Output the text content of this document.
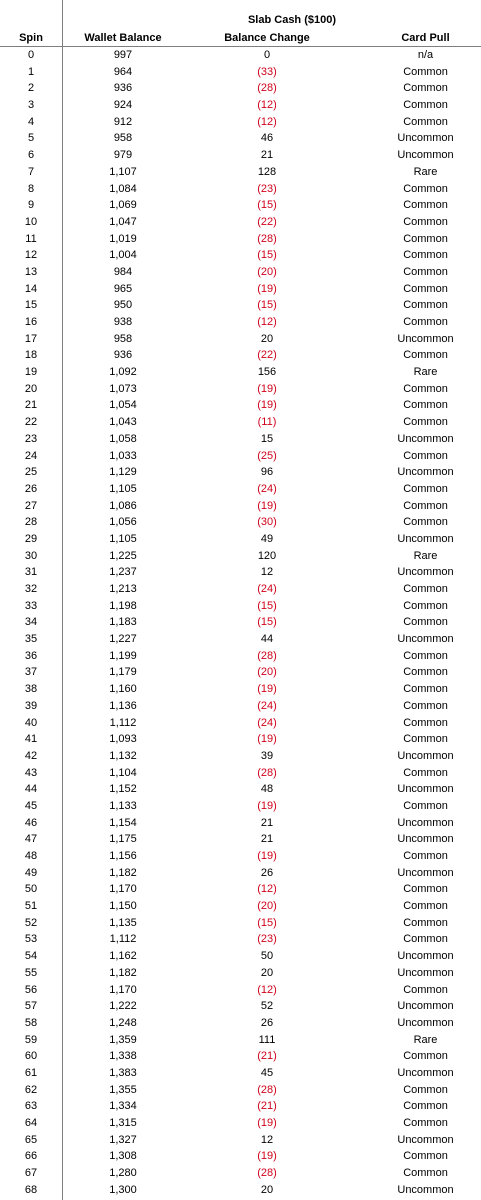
Slab Cash ($100)
Spin	Wallet Balance	Balance Change	Card Pull
0	997	0	n/a
1	964	(33)	Common
2	936	(28)	Common
3	924	(12)	Common
4	912	(12)	Common
5	958	46	Uncommon
6	979	21	Uncommon
7	1,107	128	Rare
8	1,084	(23)	Common
9	1,069	(15)	Common
10	1,047	(22)	Common
11	1,019	(28)	Common
12	1,004	(15)	Common
13	984	(20)	Common
14	965	(19)	Common
15	950	(15)	Common
16	938	(12)	Common
17	958	20	Uncommon
18	936	(22)	Common
19	1,092	156	Rare
20	1,073	(19)	Common
21	1,054	(19)	Common
22	1,043	(11)	Common
23	1,058	15	Uncommon
24	1,033	(25)	Common
25	1,129	96	Uncommon
26	1,105	(24)	Common
27	1,086	(19)	Common
28	1,056	(30)	Common
29	1,105	49	Uncommon
30	1,225	120	Rare
31	1,237	12	Uncommon
32	1,213	(24)	Common
33	1,198	(15)	Common
34	1,183	(15)	Common
35	1,227	44	Uncommon
36	1,199	(28)	Common
37	1,179	(20)	Common
38	1,160	(19)	Common
39	1,136	(24)	Common
40	1,112	(24)	Common
41	1,093	(19)	Common
42	1,132	39	Uncommon
43	1,104	(28)	Common
44	1,152	48	Uncommon
45	1,133	(19)	Common
46	1,154	21	Uncommon
47	1,175	21	Uncommon
48	1,156	(19)	Common
49	1,182	26	Uncommon
50	1,170	(12)	Common
51	1,150	(20)	Common
52	1,135	(15)	Common
53	1,112	(23)	Common
54	1,162	50	Uncommon
55	1,182	20	Uncommon
56	1,170	(12)	Common
57	1,222	52	Uncommon
58	1,248	26	Uncommon
59	1,359	111	Rare
60	1,338	(21)	Common
61	1,383	45	Uncommon
62	1,355	(28)	Common
63	1,334	(21)	Common
64	1,315	(19)	Common
65	1,327	12	Uncommon
66	1,308	(19)	Common
67	1,280	(28)	Common
68	1,300	20	Uncommon
